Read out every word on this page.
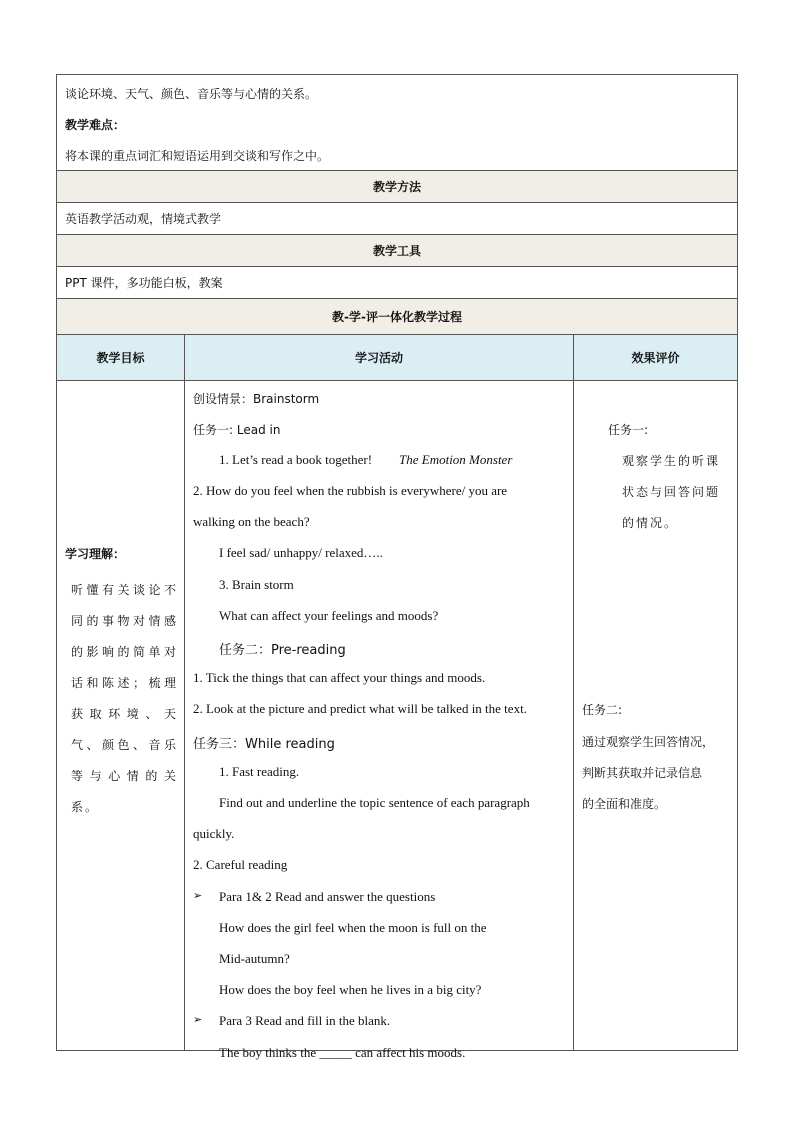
谈论环境、天气、颜色、音乐等与心情的关系。
教学难点：
将本课的重点词汇和短语运用到交谈和写作之中。
教学方法
英语教学活动观，情境式教学
教学工具
PPT 课件，多功能白板，教案
教-学-评一体化教学过程
教学目标	学习活动	效果评价
学习理解：
听懂有关谈论不同的事物对情感的影响的简单对话和陈述；梳理获取环境、天气、颜色、音乐等与心情的关系。
创设情景：Brainstorm
任务一: Lead in
1. Let’s read a book together! The Emotion Monster
2. How do you feel when the rubbish is everywhere/ you are
walking on the beach?
I feel sad/ unhappy/ relaxed…..
3. Brain storm
What can affect your feelings and moods?
任务二：Pre-reading
1. Tick the things that can affect your things and moods.
2. Look at the picture and predict what will be talked in the text.
任务三：While reading
1. Fast reading.
Find out and underline the topic sentence of each paragraph
quickly.
2. Careful reading
➢ Para 1& 2 Read and answer the questions
How does the girl feel when the moon is full on the
Mid-autumn?
How does the boy feel when he lives in a big city?
➢ Para 3 Read and fill in the blank.
The boy thinks the _____ can affect his moods.
任务一:
观察学生的听课
状态与回答问题
的情况。
任务二:
通过观察学生回答情况，
判断其获取并记录信息
的全面和准度。
